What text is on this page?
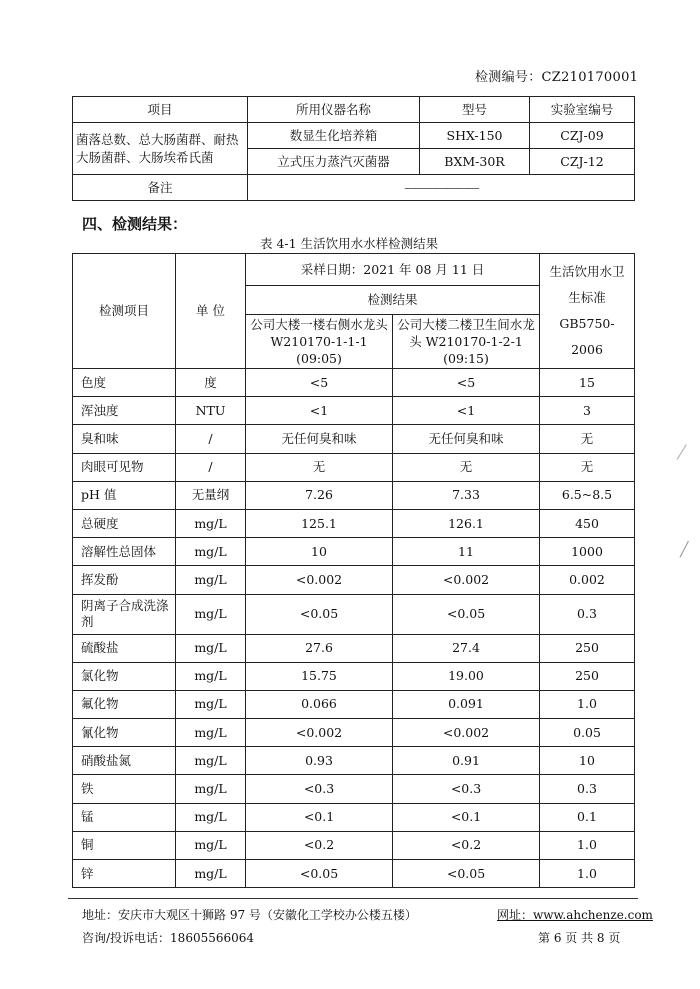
检测编号：CZ210170001
项目	所用仪器名称	型号	实验室编号
菌落总数、总大肠菌群、耐热大肠菌群、大肠埃希氏菌	数显生化培养箱	SHX-150	CZJ-09
	立式压力蒸汽灭菌器	BXM-30R	CZJ-12
备注	———————		
四、检测结果：
表 4-1 生活饮用水水样检测结果
检测项目	单 位	采样日期：2021 年 08 月 11 日		生活饮用水卫生标准 GB5750-2006
		检测结果		
		公司大楼一楼右侧水龙头 W210170-1-1-1 (09:05)	公司大楼二楼卫生间水龙头 W210170-1-2-1 (09:15)	
色度	度	<5	<5	15
浑浊度	NTU	<1	<1	3
臭和味	/	无任何臭和味	无任何臭和味	无
肉眼可见物	/	无	无	无
pH 值	无量纲	7.26	7.33	6.5~8.5
总硬度	mg/L	125.1	126.1	450
溶解性总固体	mg/L	10	11	1000
挥发酚	mg/L	<0.002	<0.002	0.002
阴离子合成洗涤剂	mg/L	<0.05	<0.05	0.3
硫酸盐	mg/L	27.6	27.4	250
氯化物	mg/L	15.75	19.00	250
氟化物	mg/L	0.066	0.091	1.0
氰化物	mg/L	<0.002	<0.002	0.05
硝酸盐氮	mg/L	0.93	0.91	10
铁	mg/L	<0.3	<0.3	0.3
锰	mg/L	<0.1	<0.1	0.1
铜	mg/L	<0.2	<0.2	1.0
锌	mg/L	<0.05	<0.05	1.0
地址：安庆市大观区十狮路 97 号（安徽化工学校办公楼五楼）	网址：www.ahchenze.com
咨询/投诉电话：18605566064	第 6 页 共 8 页
⁄
╱
